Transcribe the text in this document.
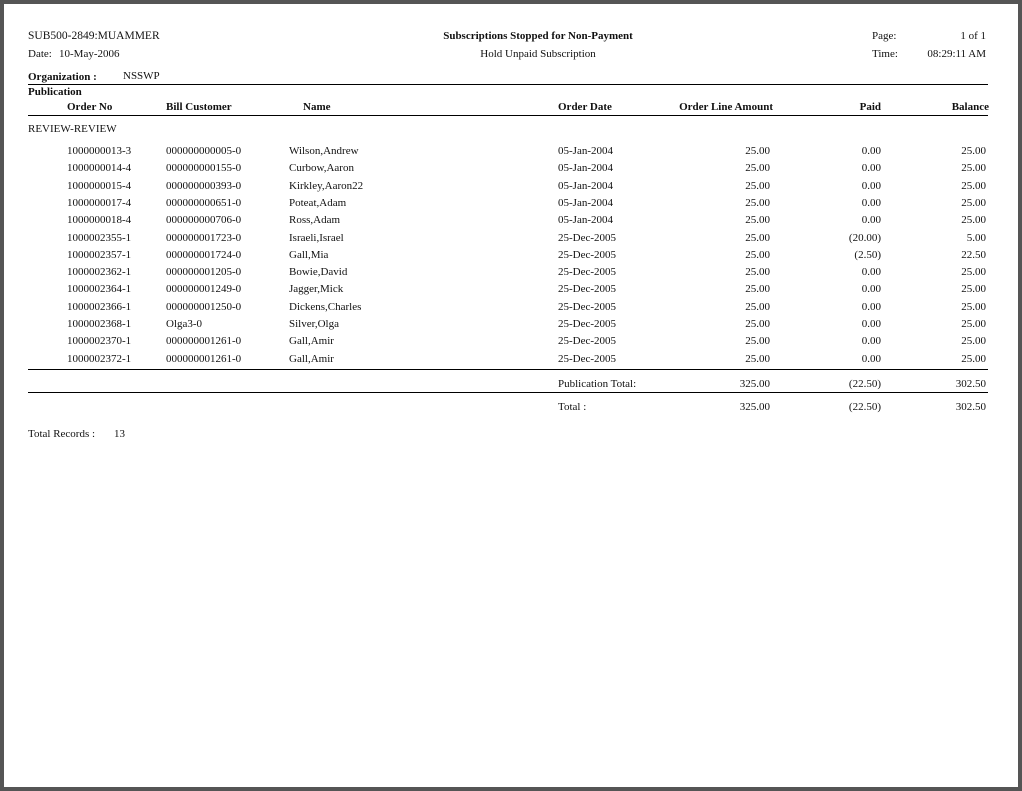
SUB500-2849:MUAMMER
Date: 10-May-2006
Subscriptions Stopped for Non-Payment
Hold Unpaid Subscription
Page:	1 of 1
Time:	08:29:11 AM
Organization : NSSWP
Publication
Order No	Bill Customer	Name	Order Date	Order Line Amount	Paid	Balance
REVIEW-REVIEW
1000000013-3	000000000005-0	Wilson,Andrew	05-Jan-2004	25.00	0.00	25.00
1000000014-4	000000000155-0	Curbow,Aaron	05-Jan-2004	25.00	0.00	25.00
1000000015-4	000000000393-0	Kirkley,Aaron22	05-Jan-2004	25.00	0.00	25.00
1000000017-4	000000000651-0	Poteat,Adam	05-Jan-2004	25.00	0.00	25.00
1000000018-4	000000000706-0	Ross,Adam	05-Jan-2004	25.00	0.00	25.00
1000002355-1	000000001723-0	Israeli,Israel	25-Dec-2005	25.00	(20.00)	5.00
1000002357-1	000000001724-0	Gall,Mia	25-Dec-2005	25.00	(2.50)	22.50
1000002362-1	000000001205-0	Bowie,David	25-Dec-2005	25.00	0.00	25.00
1000002364-1	000000001249-0	Jagger,Mick	25-Dec-2005	25.00	0.00	25.00
1000002366-1	000000001250-0	Dickens,Charles	25-Dec-2005	25.00	0.00	25.00
1000002368-1	Olga3-0	Silver,Olga	25-Dec-2005	25.00	0.00	25.00
1000002370-1	000000001261-0	Gall,Amir	25-Dec-2005	25.00	0.00	25.00
1000002372-1	000000001261-0	Gall,Amir	25-Dec-2005	25.00	0.00	25.00
Publication Total:	325.00	(22.50)	302.50
Total :	325.00	(22.50)	302.50
Total Records : 13
